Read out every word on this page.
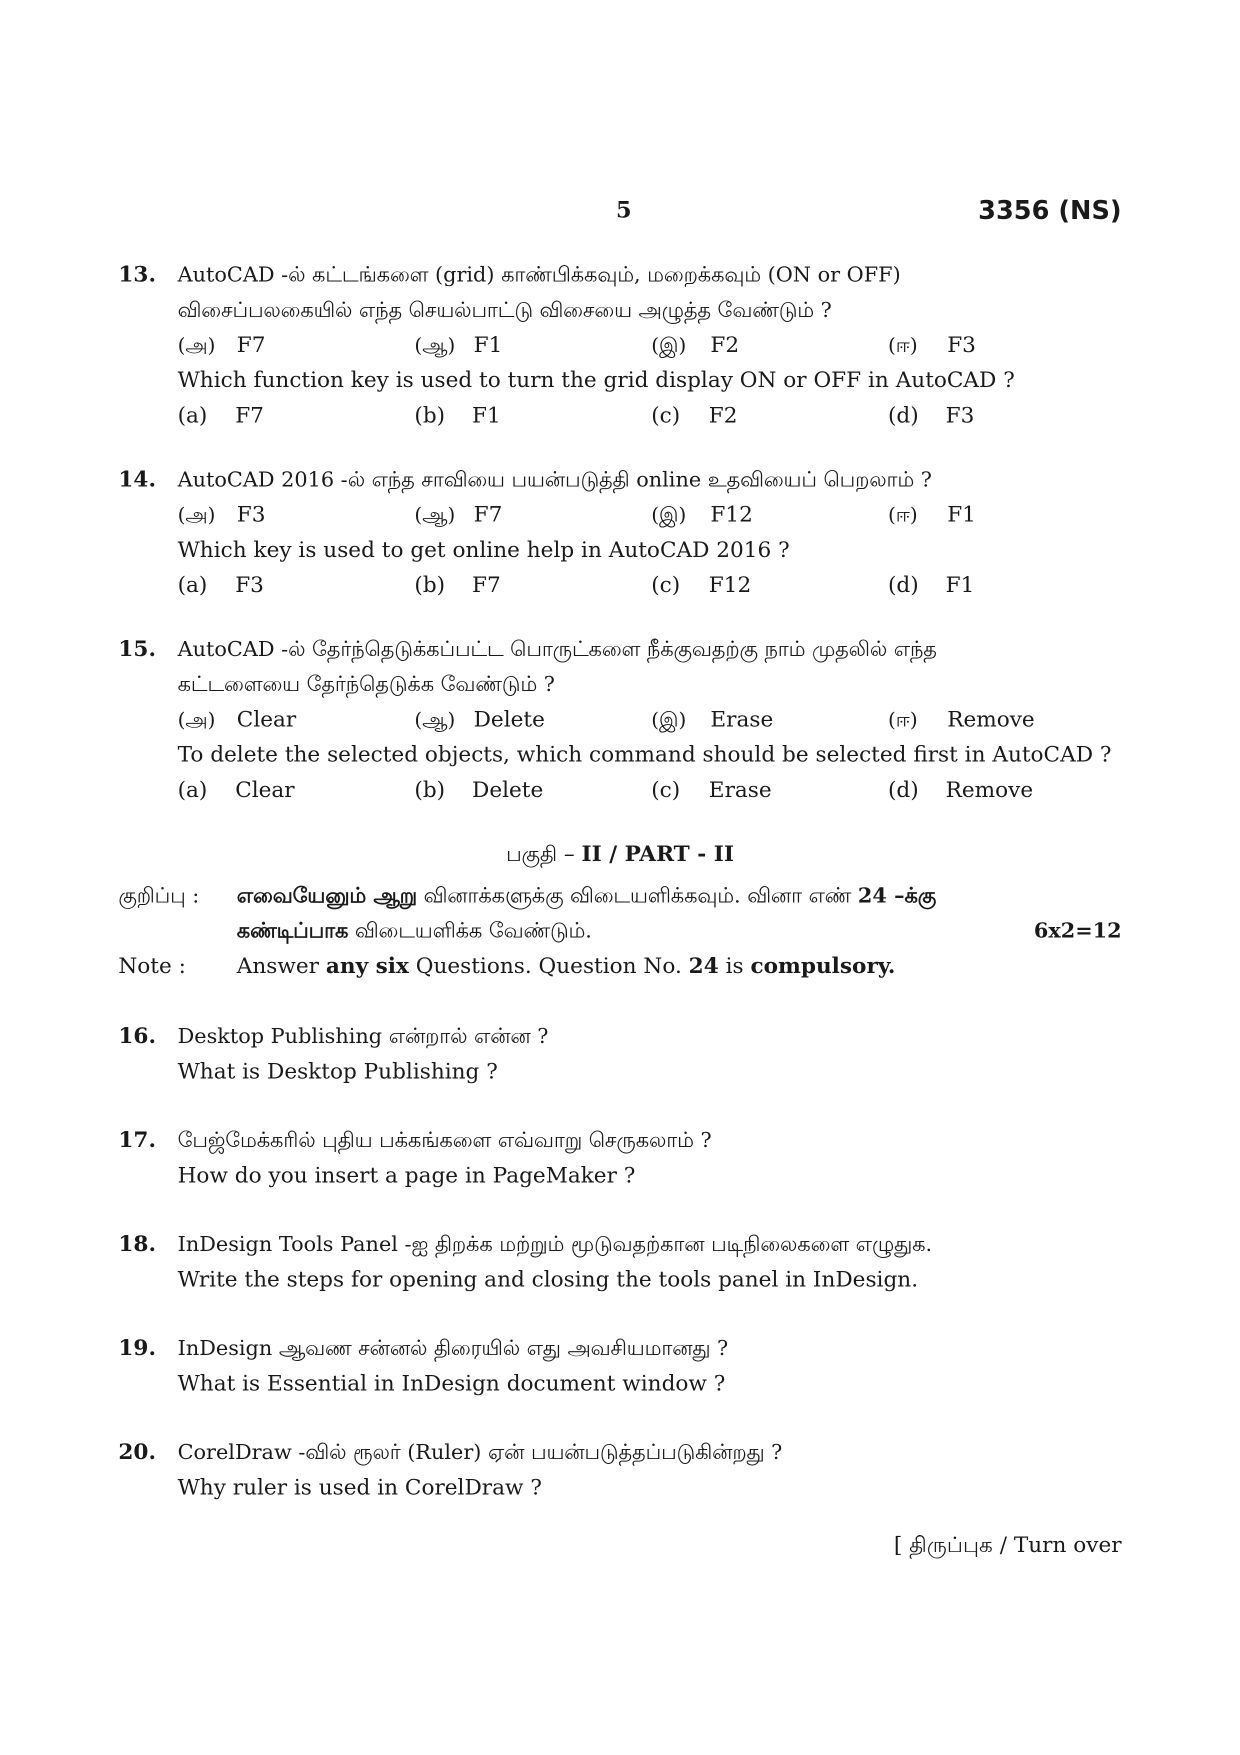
5	3356 (NS)
13. AutoCAD -ல் கட்டங்களை (grid) காண்பிக்கவும், மறைக்கவும் (ON or OFF)
விசைப்பலகையில் எந்த செயல்பாட்டு விசையை அழுத்த வேண்டும் ?
(அ) F7	(ஆ) F1	(இ) F2	(ஈ)	F3
Which function key is used to turn the grid display ON or OFF in AutoCAD ?
(a)	F7	(b) F1	(c)	F2	(d) F3
14. AutoCAD 2016 -ல் எந்த சாவியை பயன்படுத்தி online உதவியைப் பெறலாம் ?
(அ) F3	(ஆ) F7	(இ) F12	(ஈ)	F1
Which key is used to get online help in AutoCAD 2016 ?
(a)	F3	(b) F7	(c)	F12	(d) F1
15. AutoCAD -ல் தேர்ந்தெடுக்கப்பட்ட பொருட்களை நீக்குவதற்கு நாம் முதலில் எந்த
கட்டளையை தேர்ந்தெடுக்க வேண்டும் ?
(அ) Clear	(ஆ) Delete	(இ) Erase	(ஈ)	Remove
To delete the selected objects, which command should be selected first in AutoCAD ?
(a)	Clear	(b) Delete	(c)	Erase	(d) Remove
பகுதி – II / PART - II
குறிப்பு :	எவையேனும் ஆறு வினாக்களுக்கு விடையளிக்கவும். வினா எண் 24 –க்கு
கண்டிப்பாக விடையளிக்க வேண்டும்.	6x2=12
Note :	Answer any six Questions. Question No. 24 is compulsory.
16. Desktop Publishing என்றால் என்ன ?
What is Desktop Publishing ?
17. பேஜ்மேக்கரில் புதிய பக்கங்களை எவ்வாறு செருகலாம் ?
How do you insert a page in PageMaker ?
18. InDesign Tools Panel -ஐ திறக்க மற்றும் மூடுவதற்கான படிநிலைகளை எழுதுக.
Write the steps for opening and closing the tools panel in InDesign.
19. InDesign ஆவண சன்னல் திரையில் எது அவசியமானது ?
What is Essential in InDesign document window ?
20. CorelDraw -வில் ரூலர் (Ruler) ஏன் பயன்படுத்தப்படுகின்றது ?
Why ruler is used in CorelDraw ?
[ திருப்புக / Turn over
